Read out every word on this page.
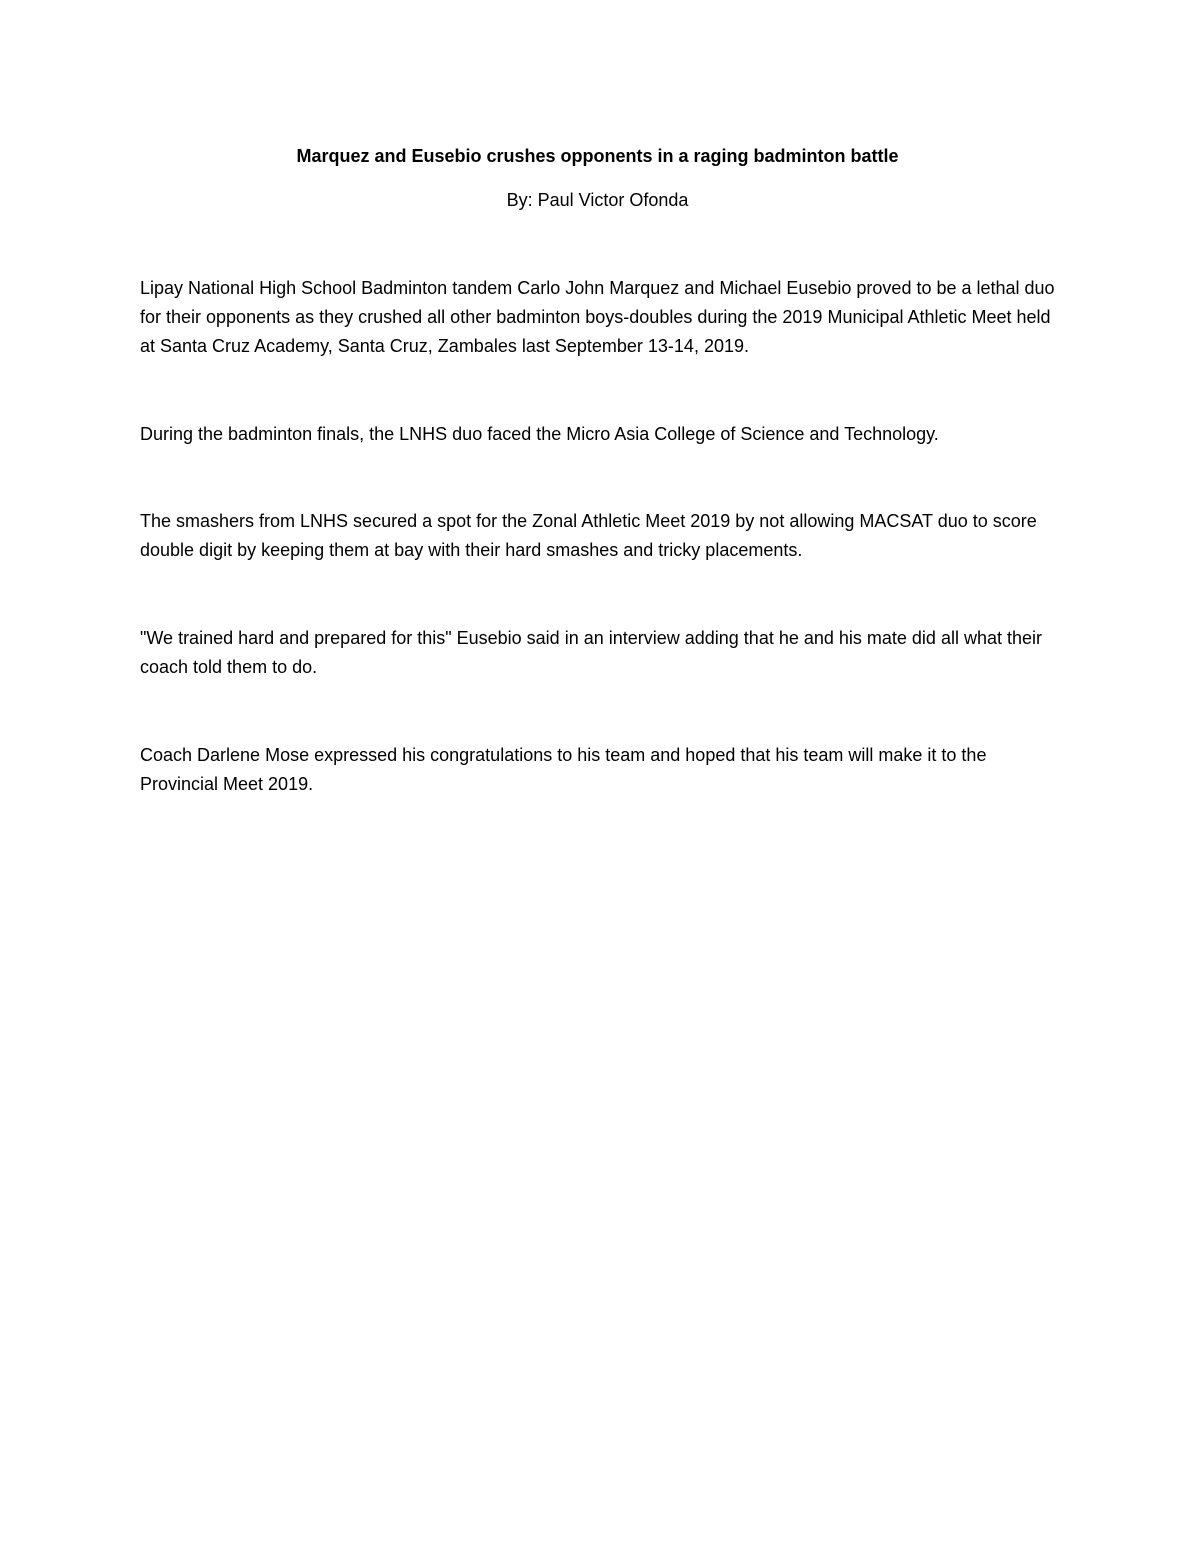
Marquez and Eusebio crushes opponents in a raging badminton battle

By: Paul Victor Ofonda

Lipay National High School Badminton tandem Carlo John Marquez and Michael Eusebio proved to be a lethal duo for their opponents as they crushed all other badminton boys-doubles during the 2019 Municipal Athletic Meet held at Santa Cruz Academy, Santa Cruz, Zambales last September 13-14, 2019.

During the badminton finals, the LNHS duo faced the Micro Asia College of Science and Technology.

The smashers from LNHS secured a spot for the Zonal Athletic Meet 2019 by not allowing MACSAT duo to score double digit by keeping them at bay with their hard smashes and tricky placements.

"We trained hard and prepared for this" Eusebio said in an interview adding that he and his mate did all what their coach told them to do.

Coach Darlene Mose expressed his congratulations to his team and hoped that his team will make it to the Provincial Meet 2019.
